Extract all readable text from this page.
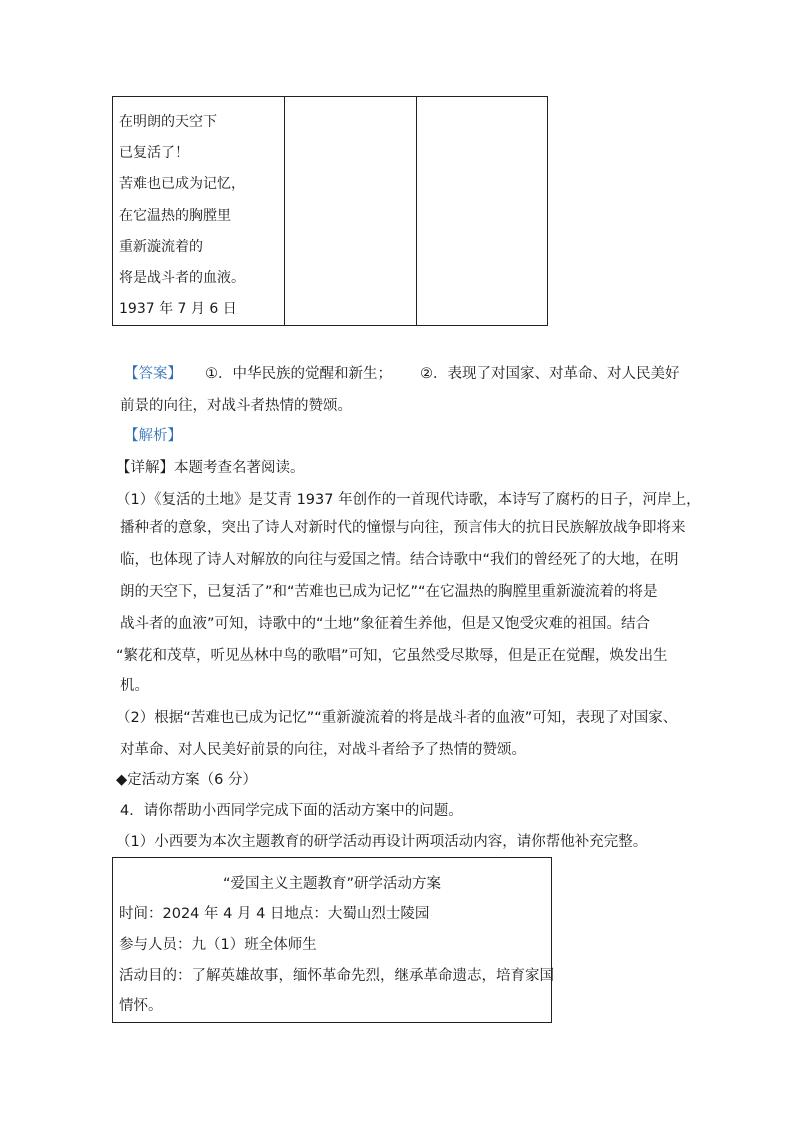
在明朗的天空下
已复活了！
苦难也已成为记忆，
在它温热的胸膛里
重新漩流着的
将是战斗者的血液。
1937 年 7 月 6 日

【答案】 ①．中华民族的觉醒和新生； ②．表现了对国家、对革命、对人民美好
前景的向往，对战斗者热情的赞颂。
【解析】
【详解】本题考查名著阅读。
（1）《复活的土地》是艾青 1937 年创作的一首现代诗歌，本诗写了腐朽的日子，河岸上，
播种者的意象，突出了诗人对新时代的憧憬与向往，预言伟大的抗日民族解放战争即将来
临，也体现了诗人对解放的向往与爱国之情。结合诗歌中“我们的曾经死了的大地，在明
朗的天空下，已复活了”和“苦难也已成为记忆”“在它温热的胸膛里重新漩流着的将是
战斗者的血液”可知，诗歌中的“土地”象征着生养他，但是又饱受灾难的祖国。结合
“繁花和茂草，听见丛林中鸟的歌唱”可知，它虽然受尽欺辱，但是正在觉醒，焕发出生
机。
（2）根据“苦难也已成为记忆”“重新漩流着的将是战斗者的血液”可知，表现了对国家、
对革命、对人民美好前景的向往，对战斗者给予了热情的赞颂。
◆定活动方案（6 分）
4．请你帮助小西同学完成下面的活动方案中的问题。
（1）小西要为本次主题教育的研学活动再设计两项活动内容，请你帮他补充完整。
“爱国主义主题教育”研学活动方案
时间：2024 年 4 月 4 日地点：大蜀山烈士陵园
参与人员：九（1）班全体师生
活动目的：了解英雄故事，缅怀革命先烈，继承革命遗志，培育家国
情怀。
